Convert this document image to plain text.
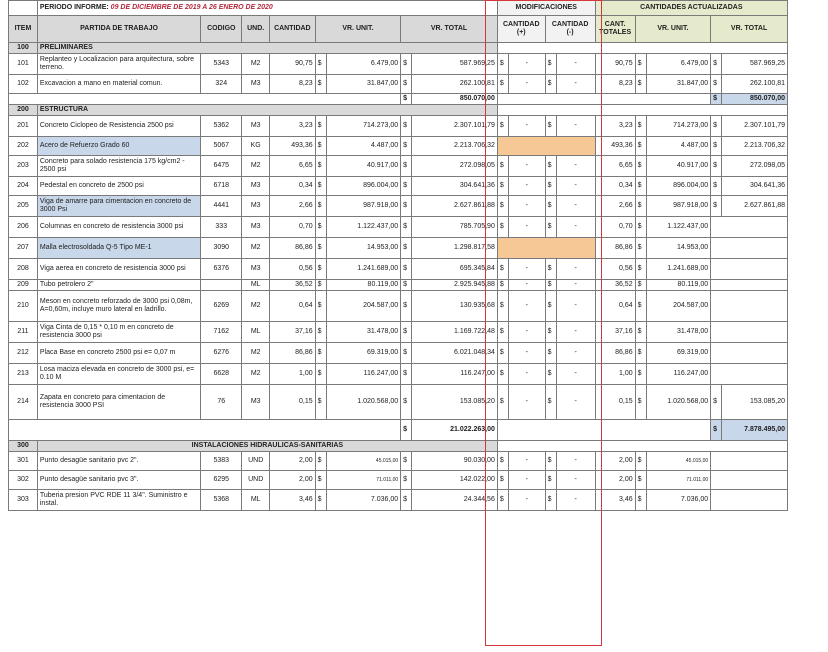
	PERIODO INFORME: 09 DE DICIEMBRE DE 2019 A 26 ENERO DE 2020								MODIFICACIONES				CANTIDADES ACTUALIZADAS				
ITEM	PARTIDA DE TRABAJO	CODIGO	UND.	CANTIDAD	VR. UNIT.		VR. TOTAL		CANTIDAD (+)		CANTIDAD (-)		CANT. TOTALES	VR. UNIT.		VR. TOTAL	
100	PRELIMINARES																
101	Replanteo y Localizacion para arquitectura, sobre terreno.	5343	M2	90,75	$	6.479,00	$	587.969,25	$	-	$	-	90,75	$	6.479,00	$	587.969,25
102	Excavacion a mano en material comun.	324	M3	8,23	$	31.847,00	$	262.100,81	$	-	$	-	8,23	$	31.847,00	$	262.100,81
							$	850.070,00								$	850.070,00
200	ESTRUCTURA																
201	Concreto Ciclopeo de Resistencia 2500 psi	5362	M3	3,23	$	714.273,00	$	2.307.101,79	$	-	$	-	3,23	$	714.273,00	$	2.307.101,79
202	Acero de Refuerzo Grado 60	5067	KG	493,36	$	4.487,00	$	2.213.706,32					493,36	$	4.487,00	$	2.213.706,32
203	Concreto para solado resistencia 175 kg/cm2 - 2500 psi	6475	M2	6,65	$	40.917,00	$	272.098,05	$	-	$	-	6,65	$	40.917,00	$	272.098,05
204	Pedestal en concreto de 2500 psi	6718	M3	0,34	$	896.004,00	$	304.641,36	$	-	$	-	0,34	$	896.004,00	$	304.641,36
205	Viga de amarre para cimentacion en concreto de 3000 Psi	4441	M3	2,66	$	987.918,00	$	2.627.861,88	$	-	$	-	2,66	$	987.918,00	$	2.627.861,88
206	Columnas en concreto de resistencia 3000 psi	333	M3	0,70	$	1.122.437,00	$	785.705,90	$	-	$	-	0,70	$	1.122.437,00		
207	Malla electrosoldada Q-5 Tipo ME-1	3090	M2	86,86	$	14.953,00	$	1.298.817,58					86,86	$	14.953,00		
208	Viga aerea en concreto de resistencia 3000 psi	6376	M3	0,56	$	1.241.689,00	$	695.345,84	$	-	$	-	0,56	$	1.241.689,00		
209	Tubo petrolero 2"		ML	36,52	$	80.119,00	$	2.925.945,88	$	-	$	-	36,52	$	80.119,00		
210	Meson en concreto reforzado de 3000 psi 0,08m, A=0,60m, incluye muro lateral en ladrillo.	6269	M2	0,64	$	204.587,00	$	130.935,68	$	-	$	-	0,64	$	204.587,00		
211	Viga Cinta de 0,15 * 0,10 m en concreto de resistencia 3000 psi	7162	ML	37,16	$	31.478,00	$	1.169.722,48	$	-	$	-	37,16	$	31.478,00		
212	Placa Base en concreto 2500 psi e= 0,07 m	6276	M2	86,86	$	69.319,00	$	6.021.048,34	$	-	$	-	86,86	$	69.319,00		
213	Losa maciza elevada en concreto de 3000 psi, e= 0.10 M	6628	M2	1,00	$	116.247,00	$	116.247,00	$	-	$	-	1,00	$	116.247,00		
214	Zapata en concreto para cimentacion de resistencia 3000 PSI	76	M3	0,15	$	1.020.568,00	$	153.085,20	$	-	$	-	0,15	$	1.020.568,00	$	153.085,20
							$	21.022.263,00								$	7.878.495,00
300	INSTALACIONES HIDRAULICAS-SANITARIAS																
301	Punto desagüe sanitario pvc 2".	5383	UND	2,00	$	45.015,00	$	90.030,00	$	-	$	-	2,00	$	45.015,00		
302	Punto desagüe sanitario pvc 3".	6295	UND	2,00	$	71.011,00	$	142.022,00	$	-	$	-	2,00	$	71.011,00		
303	Tuberia presion PVC RDE 11 3/4". Suministro e instal.	5368	ML	3,46	$	7.036,00	$	24.344,56	$	-	$	-	3,46	$	7.036,00		
